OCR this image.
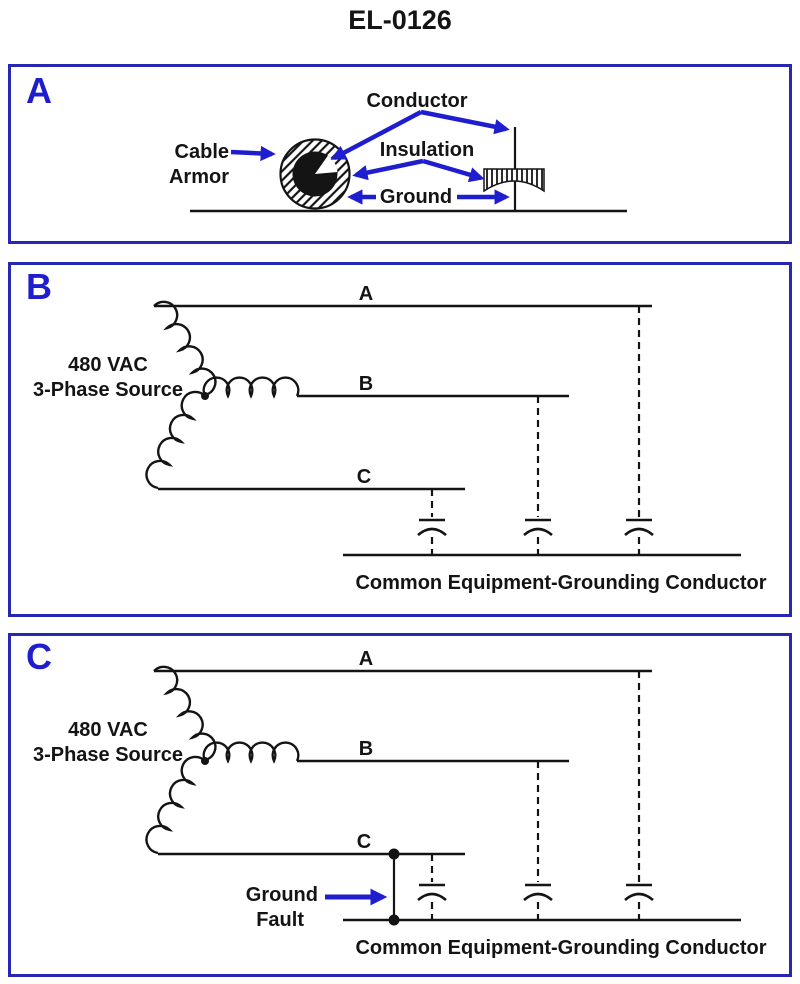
EL-0126
A
Cable
Armor
Conductor
Insulation
Ground
B
480 VAC
3-Phase Source
A
B
C
Common Equipment-Grounding Conductor
C
480 VAC
3-Phase Source
A
B
C
Ground
Fault
Common Equipment-Grounding Conductor
